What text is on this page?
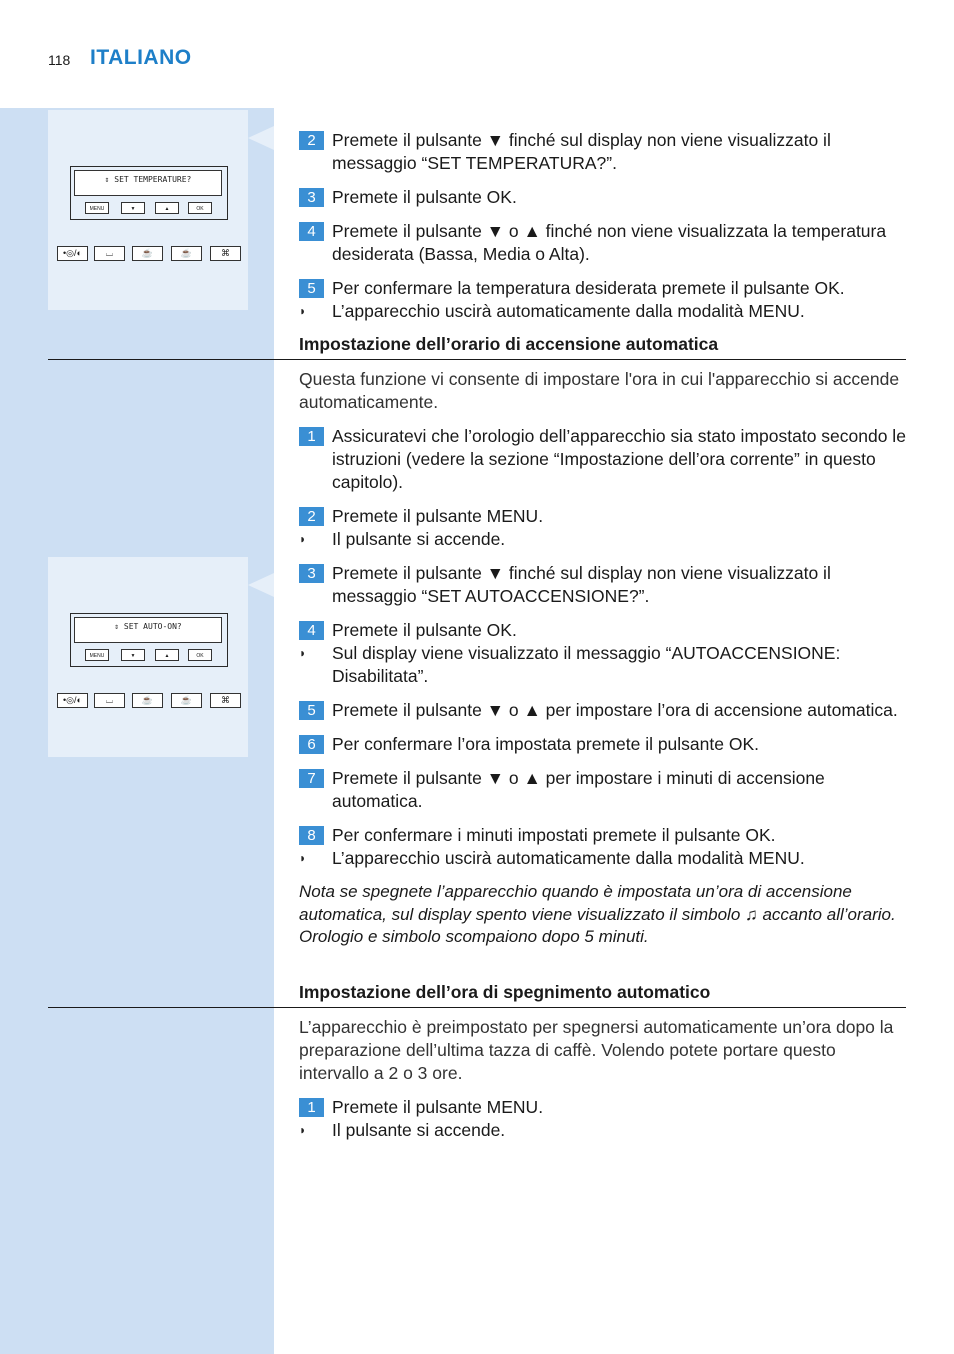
118 ITALIANO
⇕ SET TEMPERATURE?
MENU	▼	▲	OK
•◎/◐	⌴	☕	☕	⌘
⇕ SET AUTO-ON?
MENU	▼	▲	OK
•◎/◐	⌴	☕	☕	⌘
2 Premete il pulsante ▼ finché sul display non viene visualizzato il messaggio “SET TEMPERATURA?”.
3 Premete il pulsante OK.
4 Premete il pulsante ▼ o ▲ finché non viene visualizzata la temperatura desiderata (Bassa, Media o Alta).
5 Per confermare la temperatura desiderata premete il pulsante OK.
◗ L’apparecchio uscirà automaticamente dalla modalità MENU.
Impostazione dell’orario di accensione automatica
Questa funzione vi consente di impostare l'ora in cui l'apparecchio si accende automaticamente.
1 Assicuratevi che l’orologio dell’apparecchio sia stato impostato secondo le istruzioni (vedere la sezione “Impostazione dell’ora corrente” in questo capitolo).
2 Premete il pulsante MENU.
◗ Il pulsante si accende.
3 Premete il pulsante ▼ finché sul display non viene visualizzato il messaggio “SET AUTOACCENSIONE?”.
4 Premete il pulsante OK.
◗ Sul display viene visualizzato il messaggio “AUTOACCENSIONE: Disabilitata”.
5 Premete il pulsante ▼ o ▲ per impostare l’ora di accensione automatica.
6 Per confermare l’ora impostata premete il pulsante OK.
7 Premete il pulsante ▼ o ▲ per impostare i minuti di accensione automatica.
8 Per confermare i minuti impostati premete il pulsante OK.
◗ L’apparecchio uscirà automaticamente dalla modalità MENU.
Nota se spegnete l’apparecchio quando è impostata un’ora di accensione automatica, sul display spento viene visualizzato il simbolo ♫ accanto all’orario. Orologio e simbolo scompaiono dopo 5 minuti.
Impostazione dell’ora di spegnimento automatico
L’apparecchio è preimpostato per spegnersi automaticamente un’ora dopo la preparazione dell’ultima tazza di caffè. Volendo potete portare questo intervallo a 2 o 3 ore.
1 Premete il pulsante MENU.
◗ Il pulsante si accende.
